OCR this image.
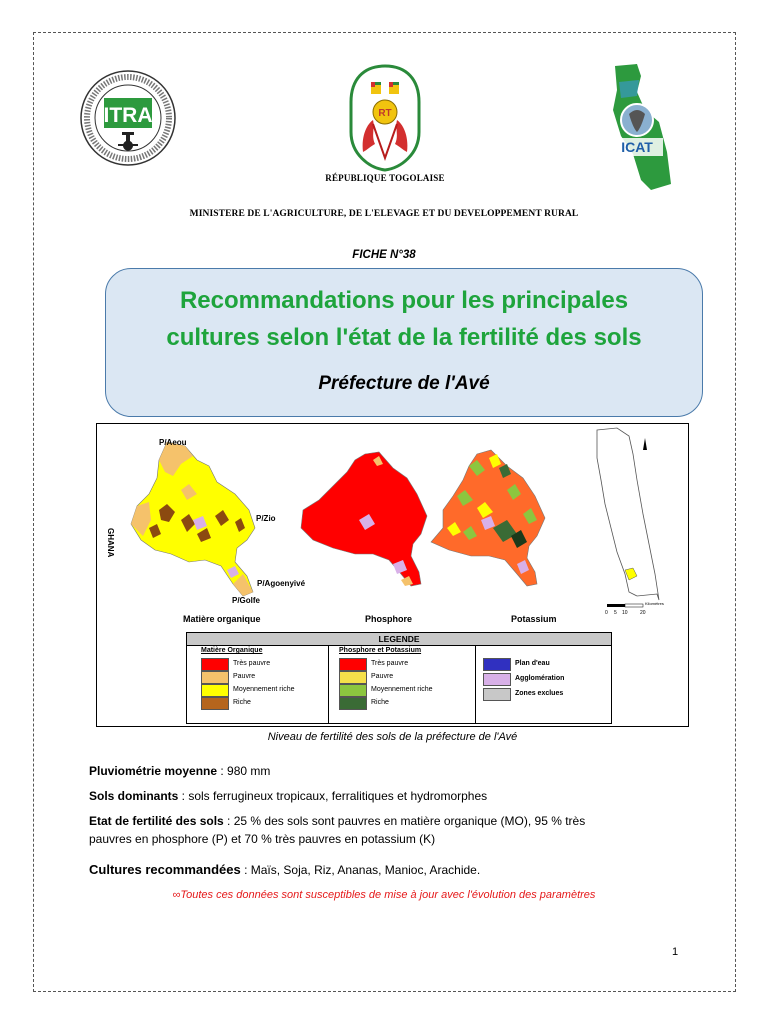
ITRA	RT
RÉPUBLIQUE TOGOLAISE
ICAT
MINISTERE DE L'AGRICULTURE, DE L'ELEVAGE ET DU DEVELOPPEMENT RURAL
FICHE N°38
Recommandations pour les principales
cultures selon l'état de la fertilité des sols
Préfecture de l'Avé
P/Aeou
P/Zio
GHANA
P/Agoenyivé
P/Golfe
Matière organique	Phosphore	Potassium
0 5 10 20
Kilomètres
LEGENDE
Matière Organique
Très pauvre
Pauvre
Moyennement riche
Riche
Phosphore et Potassium
Très pauvre
Pauvre
Moyennement riche
Riche
Plan d'eau
Agglomération
Zones exclues
Niveau de fertilité des sols de la préfecture de l'Avé
Pluviométrie moyenne : 980 mm
Sols dominants : sols ferrugineux tropicaux, ferralitiques et hydromorphes
Etat de fertilité des sols : 25 % des sols sont pauvres en matière organique (MO), 95 % très
pauvres en phosphore (P) et 70 % très pauvres en potassium (K)
Cultures recommandées : Maïs, Soja, Riz, Ananas, Manioc, Arachide.
∞Toutes ces données sont susceptibles de mise à jour avec l'évolution des paramètres
1
